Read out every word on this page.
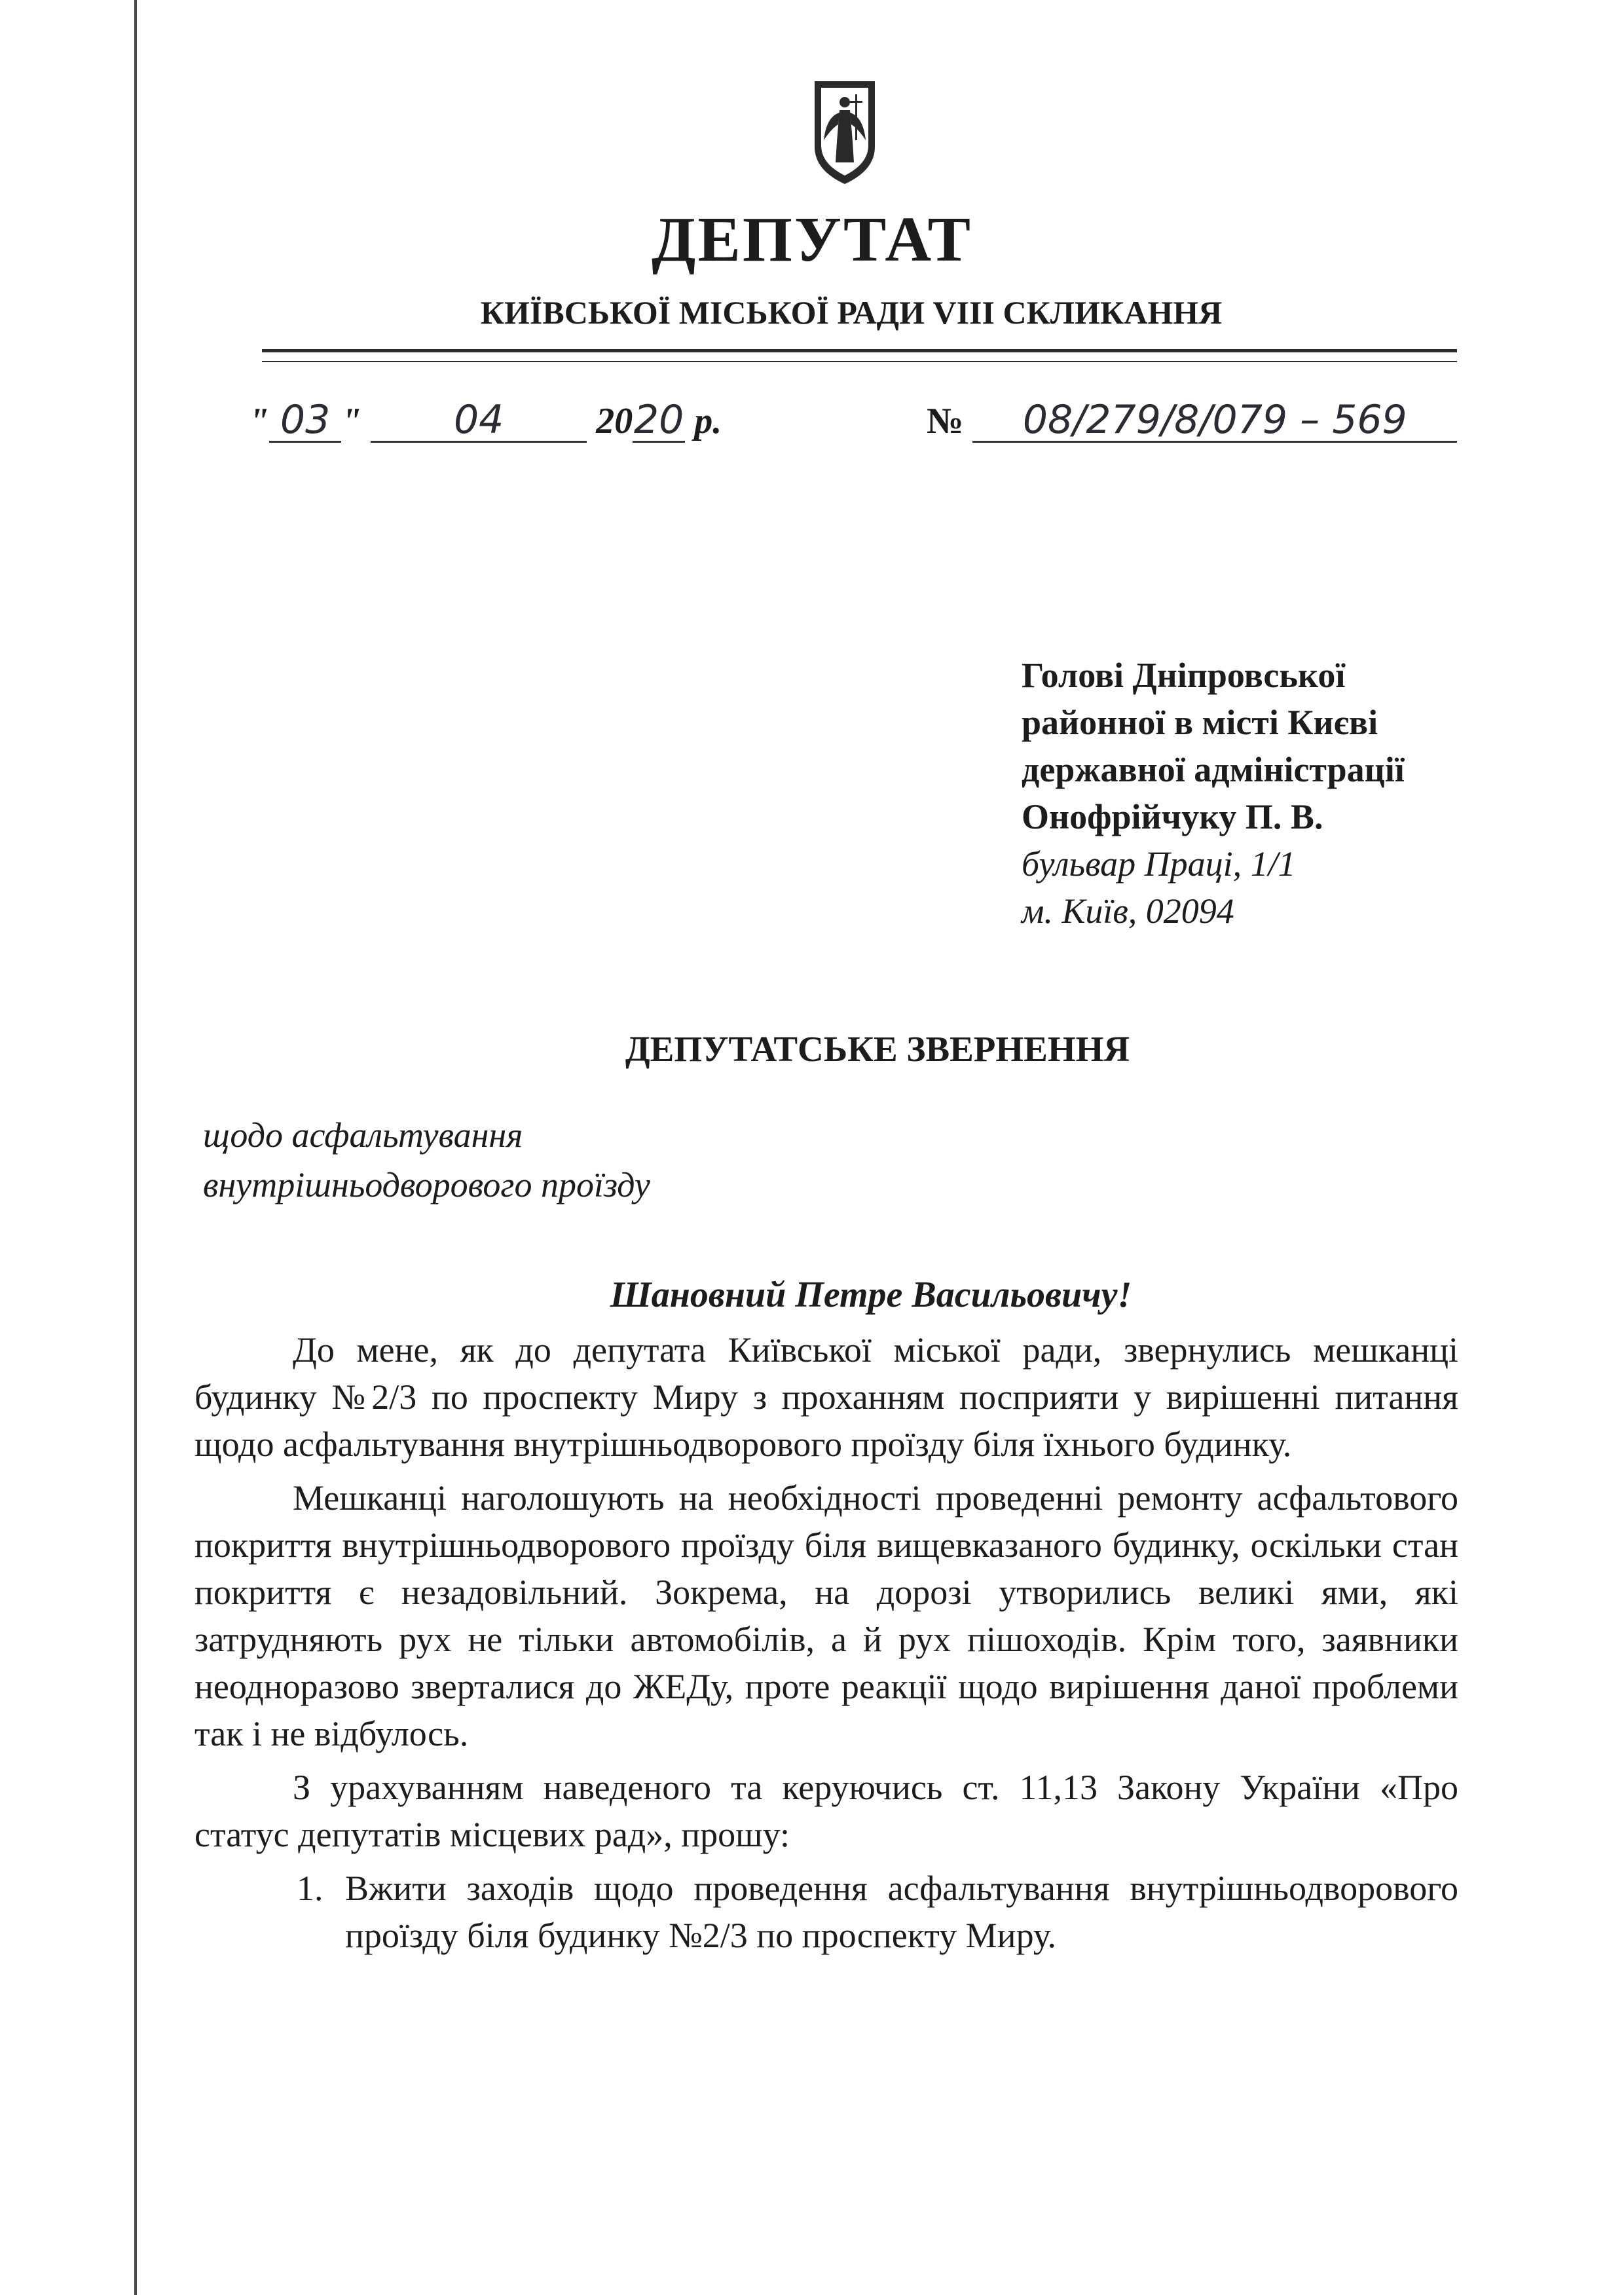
ДЕПУТАТ
КИЇВСЬКОЇ МІСЬКОЇ РАДИ VIII СКЛИКАННЯ
" 03 " 04	2020 р.	№ 08/279/8/079 – 569
Голові Дніпровської
районної в місті Києві
державної адміністрації
Онофрійчуку П. В.
бульвар Праці, 1/1
м. Київ, 02094
ДЕПУТАТСЬКЕ ЗВЕРНЕННЯ
щодо асфальтування
внутрішньодворового проїзду
Шановний Петре Васильовичу!

До мене, як до депутата Київської міської ради, звернулись мешканці будинку №2/3 по проспекту Миру з проханням посприяти у вирішенні питання щодо асфальтування внутрішньодворового проїзду біля їхнього будинку.

Мешканці наголошують на необхідності проведенні ремонту асфальтового покриття внутрішньодворового проїзду біля вищевказаного будинку, оскільки стан покриття є незадовільний. Зокрема, на дорозі утворились великі ями, які затрудняють рух не тільки автомобілів, а й рух пішоходів. Крім того, заявники неодноразово зверталися до ЖЕДу, проте реакції щодо вирішення даної проблеми так і не відбулось.

З урахуванням наведеного та керуючись ст. 11,13 Закону України «Про статус депутатів місцевих рад», прошу:

1. Вжити заходів щодо проведення асфальтування внутрішньодворового проїзду біля будинку №2/3 по проспекту Миру.
